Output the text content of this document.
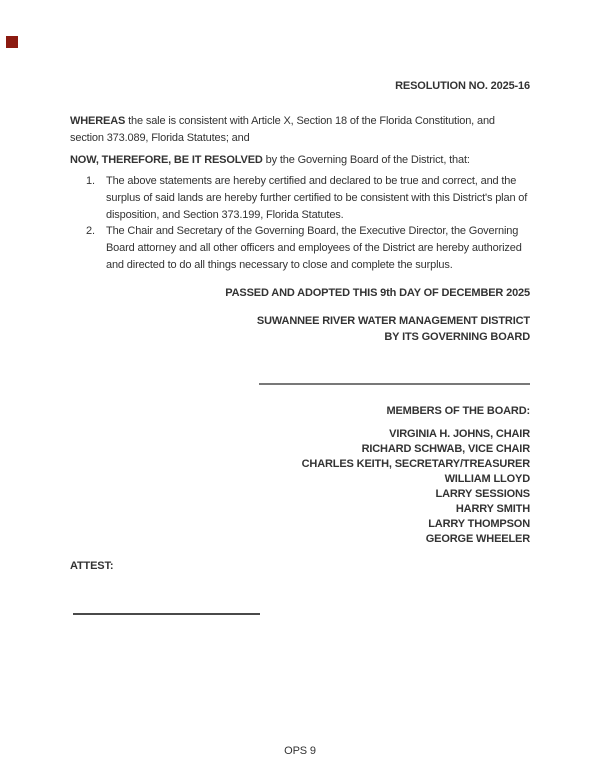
RESOLUTION NO. 2025-16

WHEREAS the sale is consistent with Article X, Section 18 of the Florida Constitution, and section 373.089, Florida Statutes; and

NOW, THEREFORE, BE IT RESOLVED by the Governing Board of the District, that:

1.	The above statements are hereby certified and declared to be true and correct, and the surplus of said lands are hereby further certified to be consistent with this District's plan of disposition, and Section 373.199, Florida Statutes.
2.	The Chair and Secretary of the Governing Board, the Executive Director, the Governing Board attorney and all other officers and employees of the District are hereby authorized and directed to do all things necessary to close and complete the surplus.
PASSED AND ADOPTED THIS 9th DAY OF DECEMBER 2025
SUWANNEE RIVER WATER MANAGEMENT DISTRICT
BY ITS GOVERNING BOARD
MEMBERS OF THE BOARD:
VIRGINIA H. JOHNS, CHAIR
RICHARD SCHWAB, VICE CHAIR
CHARLES KEITH, SECRETARY/TREASURER
WILLIAM LLOYD
LARRY SESSIONS
HARRY SMITH
LARRY THOMPSON
GEORGE WHEELER
ATTEST:
OPS 9
